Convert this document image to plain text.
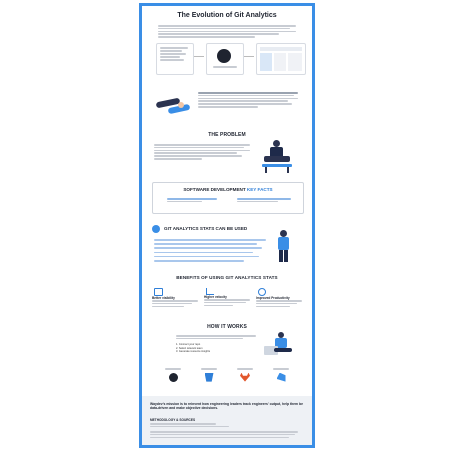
The Evolution of Git Analytics
THE PROBLEM
SOFTWARE DEVELOPMENT KEY FACTS
GIT ANALYTICS STATS CAN BE USED
BENEFITS OF USING GIT ANALYTICS STATS
Better visibility	Higher velocity	Improved Productivity
HOW IT WORKS
1. Connect your repo
2. Select relevant team
3. Generate resource insights
Waydev's mission is to reinvent how engineering leaders track engineers' output, help them be data-driven and make objective decisions.
METHODOLOGY & SOURCES
